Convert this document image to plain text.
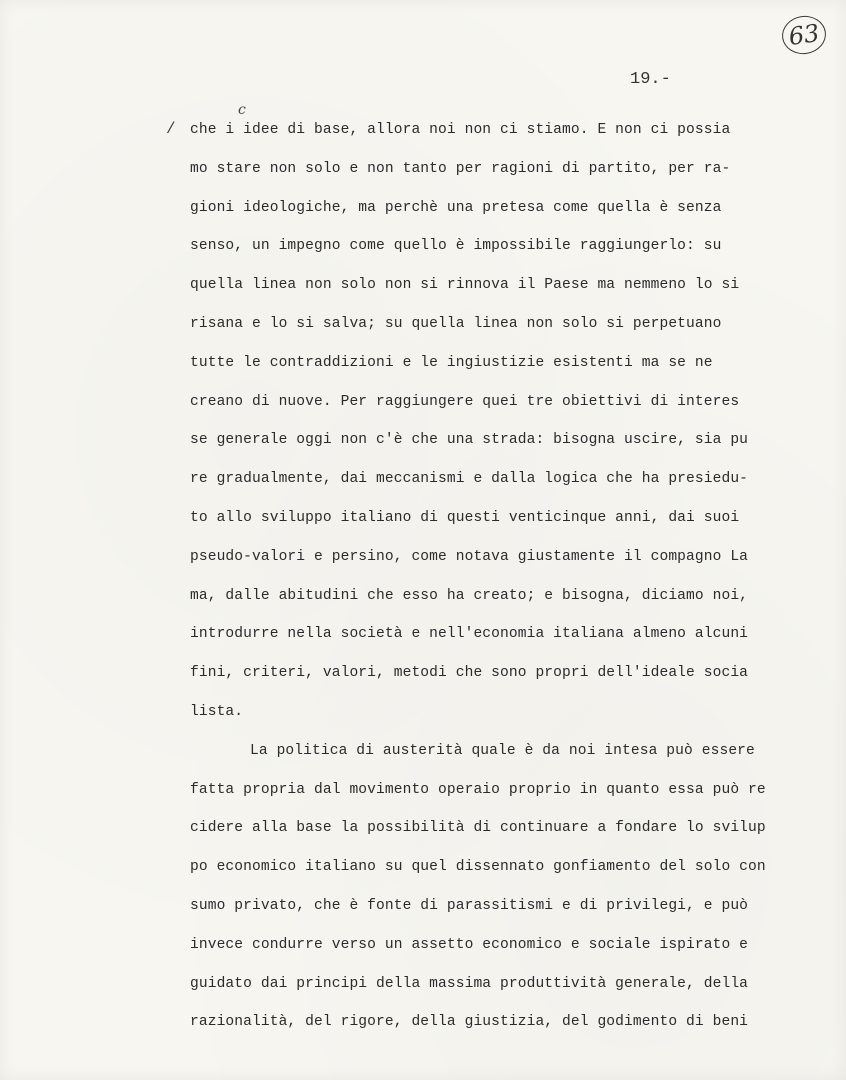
63
19.-
/
c
che i idee di base, allora noi non ci stiamo. E non ci possia
mo stare non solo e non tanto per ragioni di partito, per ra-
gioni ideologiche, ma perchè una pretesa come quella è senza
senso, un impegno come quello è impossibile raggiungerlo: su
quella linea non solo non si rinnova il Paese ma nemmeno lo si
risana e lo si salva; su quella linea non solo si perpetuano
tutte le contraddizioni e le ingiustizie esistenti ma se ne
creano di nuove. Per raggiungere quei tre obiettivi di interes
se generale oggi non c'è che una strada: bisogna uscire, sia pu
re gradualmente, dai meccanismi e dalla logica che ha presiedu-
to allo sviluppo italiano di questi venticinque anni, dai suoi
pseudo-valori e persino, come notava giustamente il compagno La
ma, dalle abitudini che esso ha creato; e bisogna, diciamo noi,
introdurre nella società e nell'economia italiana almeno alcuni
fini, criteri, valori, metodi che sono propri dell'ideale socia
lista.
La politica di austerità quale è da noi intesa può essere
fatta propria dal movimento operaio proprio in quanto essa può re
cidere alla base la possibilità di continuare a fondare lo svilup
po economico italiano su quel dissennato gonfiamento del solo con
sumo privato, che è fonte di parassitismi e di privilegi, e può
invece condurre verso un assetto economico e sociale ispirato e
guidato dai principi della massima produttività generale, della
razionalità, del rigore, della giustizia, del godimento di beni
